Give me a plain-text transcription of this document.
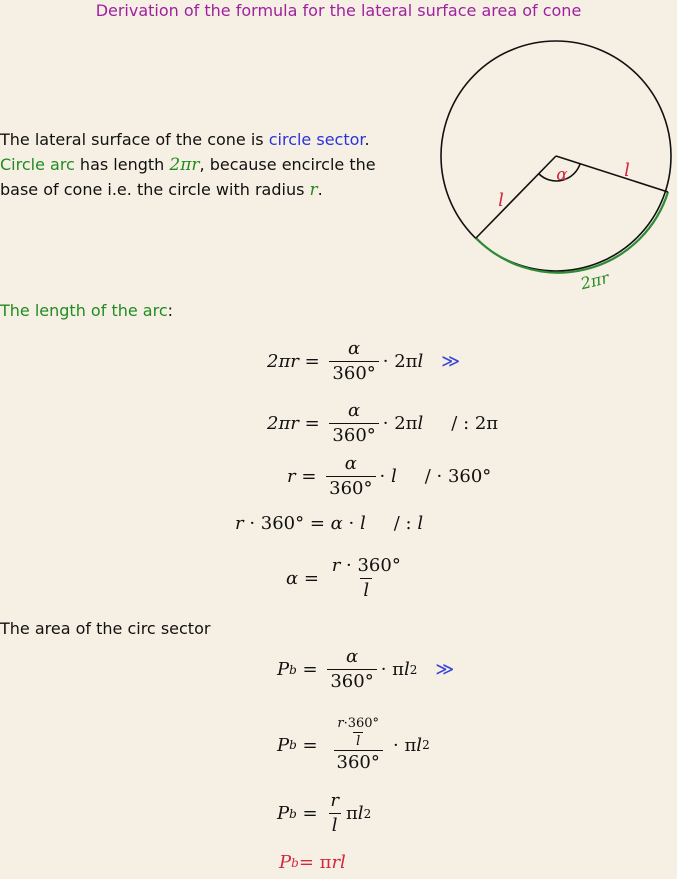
Derivation of the formula for the lateral surface area of cone
The lateral surface of the cone is circle sector.
Circle arc has length 2πr, because encircle the
base of cone i.e. the circle with radius r.
α	l
l
2πr
The length of the arc:
$2\pi r = \frac{\alpha}{360^\circ} \cdot 2\pi$ l ≫
$2\pi r = \frac{\alpha}{360^\circ} \cdot 2\pi$ l / : 2π
$r = \frac{\alpha}{360^\circ} \cdot l$ / · 360°
r · 360° = α · l / : l
$\alpha = \frac{r \cdot 360^\circ}{l}$
The area of the circ sector
P $b = \frac{\alpha}{360^\circ} \cdot \pi$ l 2 ≫
P $b = \frac{\frac{r\cdot 360^\circ}{l}}{360^\circ} \cdot \pi$ l 2
P $b = \frac{r}{l}$ π l 2
P b = π rl
